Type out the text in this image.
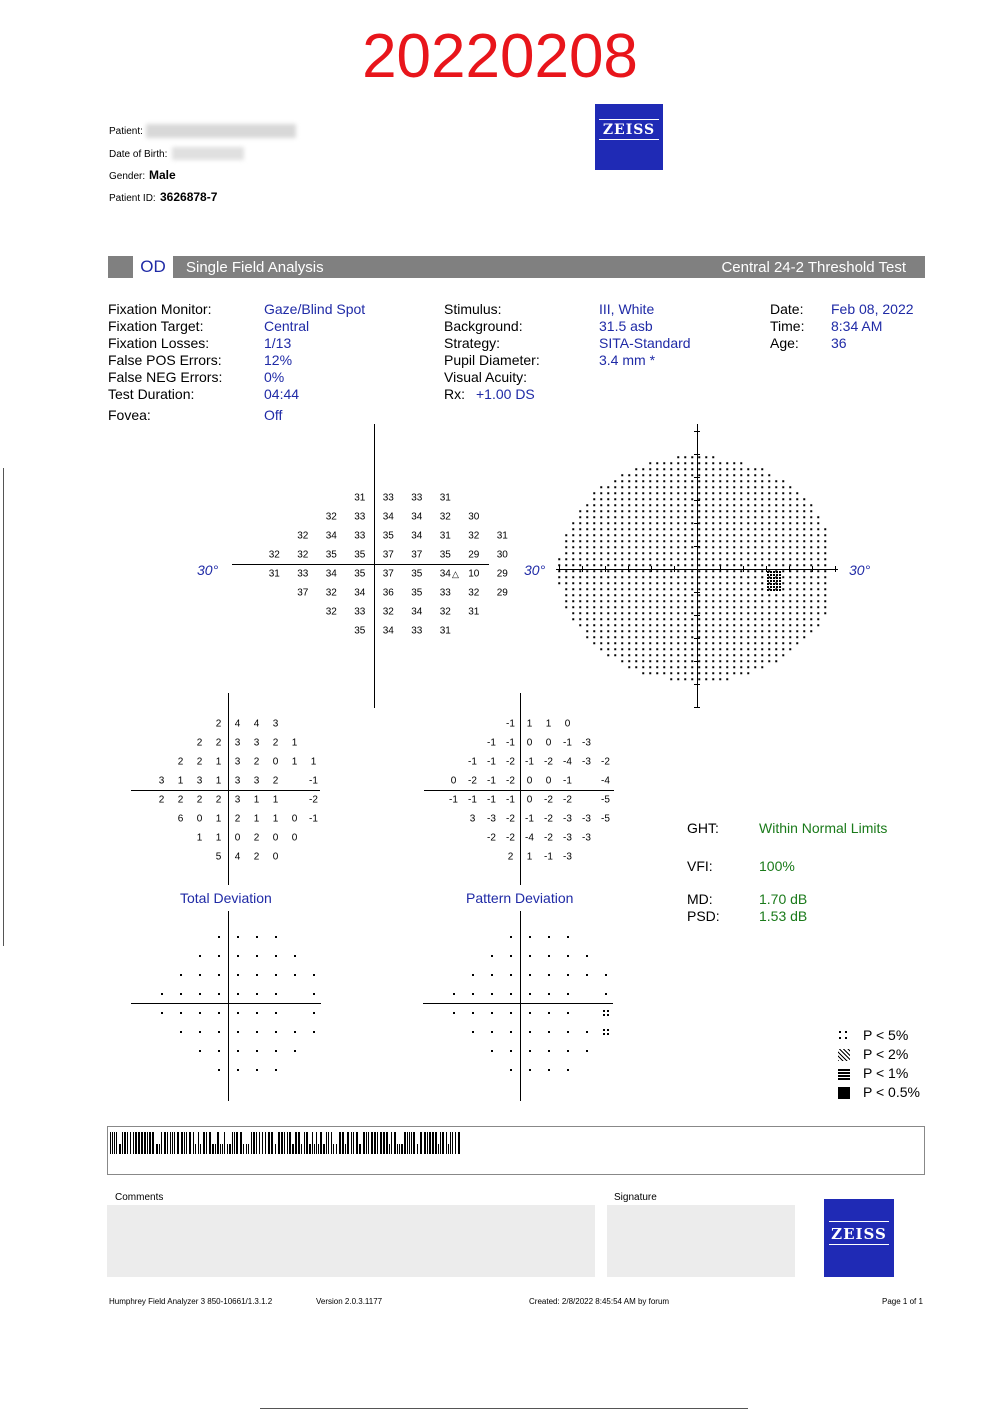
20220208
Patient:
Date of Birth:
Gender: Male
Patient ID: 3626878-7
ZEISS
OD	Single Field Analysis	Central 24-2 Threshold Test
Fixation Monitor:	Gaze/Blind Spot
Fixation Target:	Central
Fixation Losses:	1/13
False POS Errors:	12%
False NEG Errors:	0%
Test Duration:	04:44
Fovea:	Off
Stimulus:	III, White
Background:	31.5 asb
Strategy:	SITA-Standard
Pupil Diameter:	3.4 mm *
Visual Acuity:
Rx: +1.00 DS
Date: Feb 08, 2022
Time: 8:34 AM
Age: 36
31 33 33 31
32 33 34 34 32 30
32 34 33 35 34 31 32 31
32 32 35 35 37 37 35 29 30
31 33 34 35 37 35 34 10 29
37 32 34 36 35 33 32 29
32 33 32 34 32 31
35 34 33 31
30°	△	30°	30°
2 4 4 3
2 2 3 3 2 1
2 2 1 3 2 0 1 1
3 1 3 1 3 3 2	-1
2 2 2 2 3 1 1	-2
6 0 1 2 1 1 0 -1
1 1 0 2 0 0
5 4 2 0
-1 1 1 0
-1 -1 0 0 -1 -3
-1 -1 -2 -1 -2 -4 -3 -2
0 -2 -1 -2 0 0 -1	-4
-1 -1 -1 -1 0 -2 -2	-5
3 -3 -2 -1 -2 -3 -3 -5
-2 -2 -4 -2 -3 -3
2 1 -1 -3
Total Deviation	Pattern Deviation
GHT:	Within Normal Limits
VFI:	100%
MD:	1.70 dB
PSD:	1.53 dB
P < 5%
P < 2%
P < 1%
P < 0.5%
Comments	Signature
ZEISS
Humphrey Field Analyzer 3 850-10661/1.3.1.2	Version 2.0.3.1177	Created: 2/8/2022 8:45:54 AM by forum	Page 1 of 1
